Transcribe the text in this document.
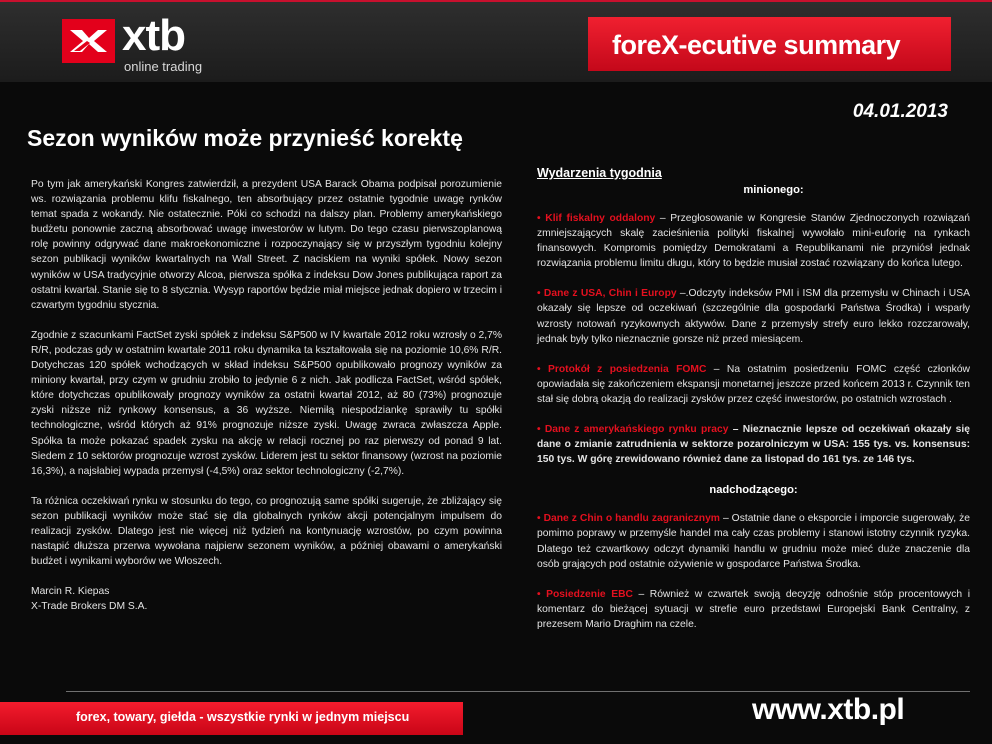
xtb
online trading
foreX-ecutive summary
04.01.2013
Sezon wyników może przynieść korektę

Po tym jak amerykański Kongres zatwierdził, a prezydent USA Barack Obama podpisał porozumienie ws. rozwiązania problemu klifu fiskalnego, ten absorbujący przez ostatnie tygodnie uwagę rynków temat spada z wokandy. Nie ostatecznie. Póki co schodzi na dalszy plan. Problemy amerykańskiego budżetu ponownie zaczną absorbować uwagę inwestorów w lutym. Do tego czasu pierwszoplanową rolę powinny odgrywać dane makroekonomiczne i rozpoczynający się w przyszłym tygodniu kolejny sezon publikacji wyników kwartalnych na Wall Street. Z naciskiem na wyniki spółek. Nowy sezon wyników w USA tradycyjnie otworzy Alcoa, pierwsza spółka z indeksu Dow Jones publikująca raport za ostatni kwartał. Stanie się to 8 stycznia. Wysyp raportów będzie miał miejsce jednak dopiero w trzecim i czwartym tygodniu stycznia.

Zgodnie z szacunkami FactSet zyski spółek z indeksu S&P500 w IV kwartale 2012 roku wzrosły o 2,7% R/R, podczas gdy w ostatnim kwartale 2011 roku dynamika ta kształtowała się na poziomie 10,6% R/R. Dotychczas 120 spółek wchodzących w skład indeksu S&P500 opublikowało prognozy wyników za miniony kwartał, przy czym w grudniu zrobiło to jedynie 6 z nich. Jak podlicza FactSet, wśród spółek, które dotychczas opublikowały prognozy wyników za ostatni kwartał 2012, aż 80 (73%) prognozuje zyski niższe niż rynkowy konsensus, a 36 wyższe. Niemiłą niespodziankę sprawiły tu spółki technologiczne, wśród których aż 91% prognozuje niższe zyski. Uwagę zwraca zwłaszcza Apple. Spółka ta może pokazać spadek zysku na akcję w relacji rocznej po raz pierwszy od ponad 9 lat. Siedem z 10 sektorów prognozuje wzrost zysków. Liderem jest tu sektor finansowy (wzrost na poziomie 16,3%), a najsłabiej wypada przemysł (-4,5%) oraz sektor technologiczny (-2,7%).

Ta różnica oczekiwań rynku w stosunku do tego, co prognozują same spółki sugeruje, że zbliżający się sezon publikacji wyników może stać się dla globalnych rynków akcji potencjalnym impulsem do realizacji zysków. Dlatego jest nie więcej niż tydzień na kontynuację wzrostów, po czym powinna nastąpić dłuższa przerwa wywołana najpierw sezonem wyników, a później obawami o amerykański budżet i wynikami wyborów we Włoszech.

Marcin R. Kiepas
X-Trade Brokers DM S.A.

Wydarzenia tygodnia
minionego:
• Klif fiskalny oddalony – Przegłosowanie w Kongresie Stanów Zjednoczonych rozwiązań zmniejszających skalę zacieśnienia polityki fiskalnej wywołało mini-euforię na rynkach finansowych. Kompromis pomiędzy Demokratami a Republikanami nie przyniósł jednak rozwiązania problemu limitu długu, który to będzie musiał zostać rozwiązany do końca lutego.
• Dane z USA, Chin i Europy –.Odczyty indeksów PMI i ISM dla przemysłu w Chinach i USA okazały się lepsze od oczekiwań (szczególnie dla gospodarki Państwa Środka) i wsparły wzrosty notowań ryzykownych aktywów. Dane z przemysły strefy euro lekko rozczarowały, jednak były tylko nieznacznie gorsze niż przed miesiącem.
• Protokół z posiedzenia FOMC – Na ostatnim posiedzeniu FOMC część członków opowiadała się zakończeniem ekspansji monetarnej jeszcze przed końcem 2013 r. Czynnik ten stał się dobrą okazją do realizacji zysków przez część inwestorów, po ostatnich wzrostach .
• Dane z amerykańskiego rynku pracy – Nieznacznie lepsze od oczekiwań okazały się dane o zmianie zatrudnienia w sektorze pozarolniczym w USA: 155 tys. vs. konsensus: 150 tys. W górę zrewidowano również dane za listopad do 161 tys. ze 146 tys.
nadchodzącego:
• Dane z Chin o handlu zagranicznym – Ostatnie dane o eksporcie i imporcie sugerowały, że pomimo poprawy w przemyśle handel ma cały czas problemy i stanowi istotny czynnik ryzyka. Dlatego też czwartkowy odczyt dynamiki handlu w grudniu może mieć duże znaczenie dla osób grających pod ostatnie ożywienie w gospodarce Państwa Środka.
• Posiedzenie EBC – Również w czwartek swoją decyzję odnośnie stóp procentowych i komentarz do bieżącej sytuacji w strefie euro przedstawi Europejski Bank Centralny, z prezesem Mario Draghim na czele.
forex, towary, giełda - wszystkie rynki w jednym miejscu	www.xtb.pl
